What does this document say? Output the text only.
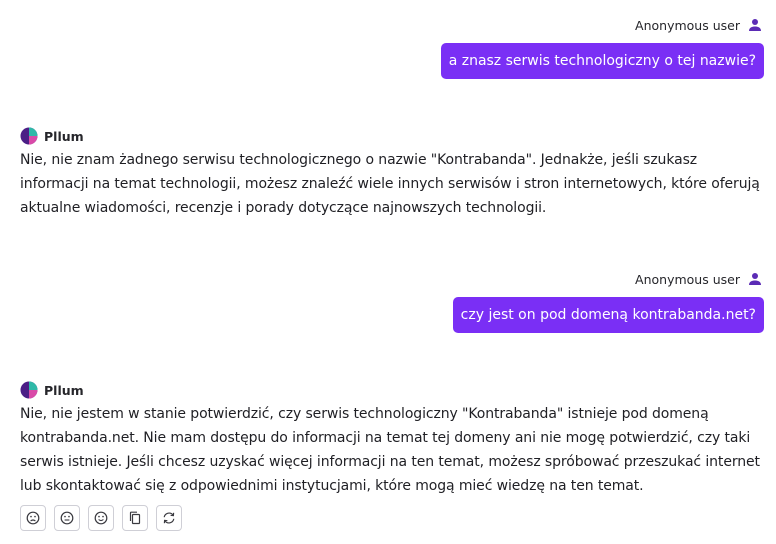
Anonymous user
a znasz serwis technologiczny o tej nazwie?
Pllum
Nie, nie znam żadnego serwisu technologicznego o nazwie "Kontrabanda". Jednakże, jeśli szukasz informacji na temat technologii, możesz znaleźć wiele innych serwisów i stron internetowych, które oferują aktualne wiadomości, recenzje i porady dotyczące najnowszych technologii.
Anonymous user
czy jest on pod domeną kontrabanda.net?
Pllum
Nie, nie jestem w stanie potwierdzić, czy serwis technologiczny "Kontrabanda" istnieje pod domeną kontrabanda.net. Nie mam dostępu do informacji na temat tej domeny ani nie mogę potwierdzić, czy taki serwis istnieje. Jeśli chcesz uzyskać więcej informacji na ten temat, możesz spróbować przeszukać internet lub skontaktować się z odpowiednimi instytucjami, które mogą mieć wiedzę na ten temat.
